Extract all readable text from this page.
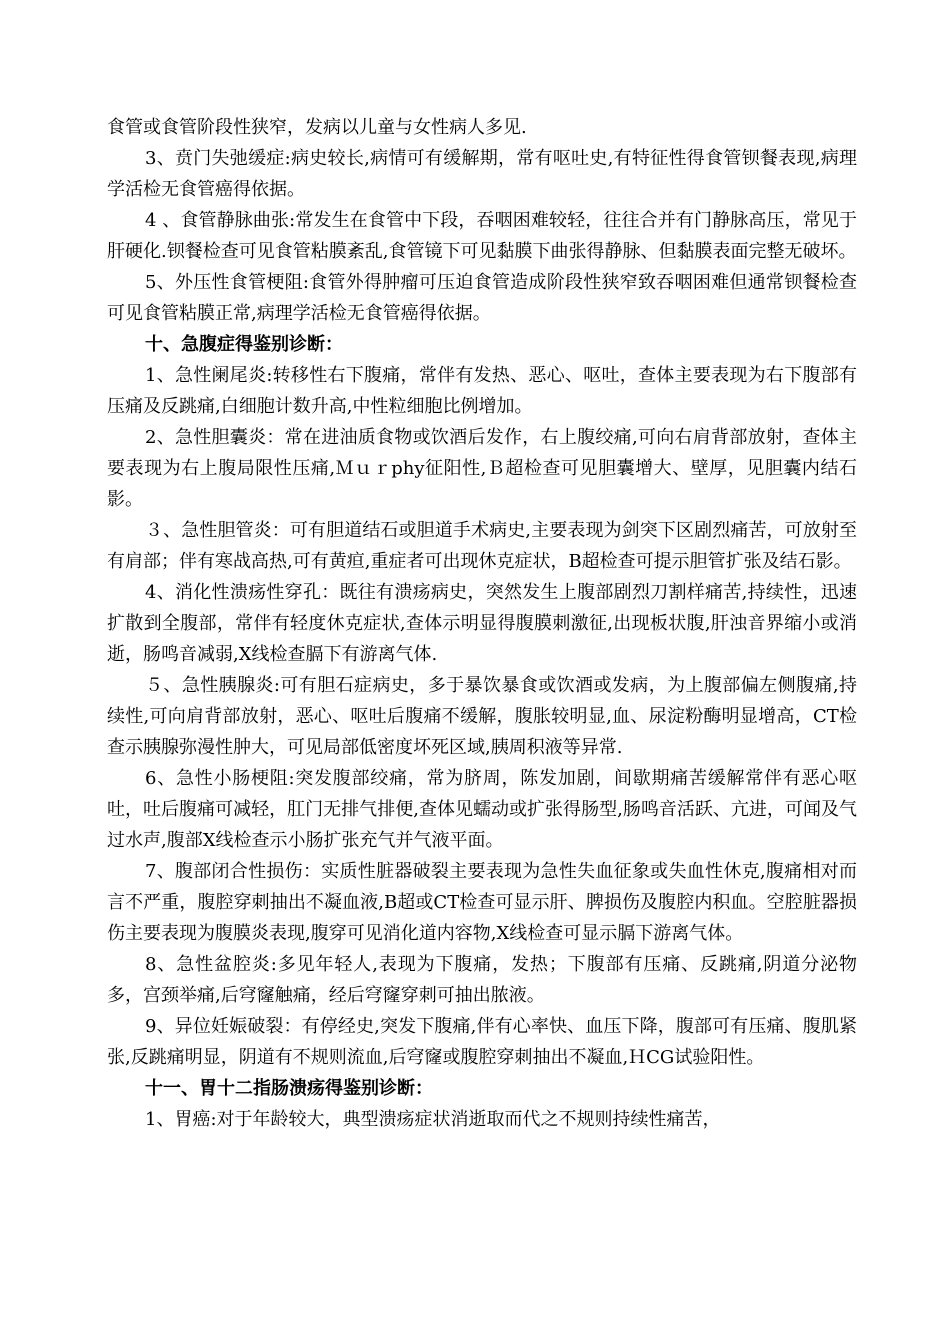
食管或食管阶段性狭窄，发病以儿童与女性病人多见.

3、贲门失弛缓症:病史较长,病情可有缓解期，常有呕吐史,有特征性得食管钡餐表现,病理学活检无食管癌得依据。

4 、食管静脉曲张:常发生在食管中下段，吞咽困难较轻，往往合并有门静脉高压，常见于肝硬化.钡餐检查可见食管粘膜紊乱,食管镜下可见黏膜下曲张得静脉、但黏膜表面完整无破坏。

5、外压性食管梗阻:食管外得肿瘤可压迫食管造成阶段性狭窄致吞咽困难但通常钡餐检查可见食管粘膜正常,病理学活检无食管癌得依据。

十、急腹症得鉴别诊断：

1、急性阑尾炎:转移性右下腹痛，常伴有发热、恶心、呕吐，查体主要表现为右下腹部有压痛及反跳痛,白细胞计数升高,中性粒细胞比例增加。

2、急性胆囊炎：常在进油质食物或饮酒后发作，右上腹绞痛,可向右肩背部放射，查体主要表现为右上腹局限性压痛,Ｍｕｒphy征阳性,Ｂ超检查可见胆囊增大、壁厚，见胆囊内结石影。

３、急性胆管炎：可有胆道结石或胆道手术病史,主要表现为剑突下区剧烈痛苦，可放射至有肩部；伴有寒战高热,可有黄疸,重症者可出现休克症状，B超检查可提示胆管扩张及结石影。

4、消化性溃疡性穿孔：既往有溃疡病史，突然发生上腹部剧烈刀割样痛苦,持续性，迅速扩散到全腹部，常伴有轻度休克症状,查体示明显得腹膜刺激征,出现板状腹,肝浊音界缩小或消逝，肠鸣音减弱,X线检查膈下有游离气体.

５、急性胰腺炎:可有胆石症病史，多于暴饮暴食或饮酒或发病，为上腹部偏左侧腹痛,持续性,可向肩背部放射，恶心、呕吐后腹痛不缓解，腹胀较明显,血、尿淀粉酶明显增高，CT检查示胰腺弥漫性肿大，可见局部低密度坏死区域,胰周积液等异常.

6、急性小肠梗阻:突发腹部绞痛，常为脐周，陈发加剧，间歇期痛苦缓解常伴有恶心呕吐，吐后腹痛可减轻，肛门无排气排便,查体见蠕动或扩张得肠型,肠鸣音活跃、亢进，可闻及气过水声,腹部X线检查示小肠扩张充气并气液平面。

7、腹部闭合性损伤：实质性脏器破裂主要表现为急性失血征象或失血性休克,腹痛相对而言不严重，腹腔穿刺抽出不凝血液,B超或CT检查可显示肝、脾损伤及腹腔内积血。空腔脏器损伤主要表现为腹膜炎表现,腹穿可见消化道内容物,X线检查可显示膈下游离气体。

8、急性盆腔炎:多见年轻人,表现为下腹痛，发热；下腹部有压痛、反跳痛,阴道分泌物多，宫颈举痛,后穹窿触痛，经后穹窿穿刺可抽出脓液。

9、异位妊娠破裂：有停经史,突发下腹痛,伴有心率快、血压下降，腹部可有压痛、腹肌紧张,反跳痛明显，阴道有不规则流血,后穹窿或腹腔穿刺抽出不凝血,ＨCG试验阳性。

十一、胃十二指肠溃疡得鉴别诊断：

1、胃癌:对于年龄较大，典型溃疡症状消逝取而代之不规则持续性痛苦，
